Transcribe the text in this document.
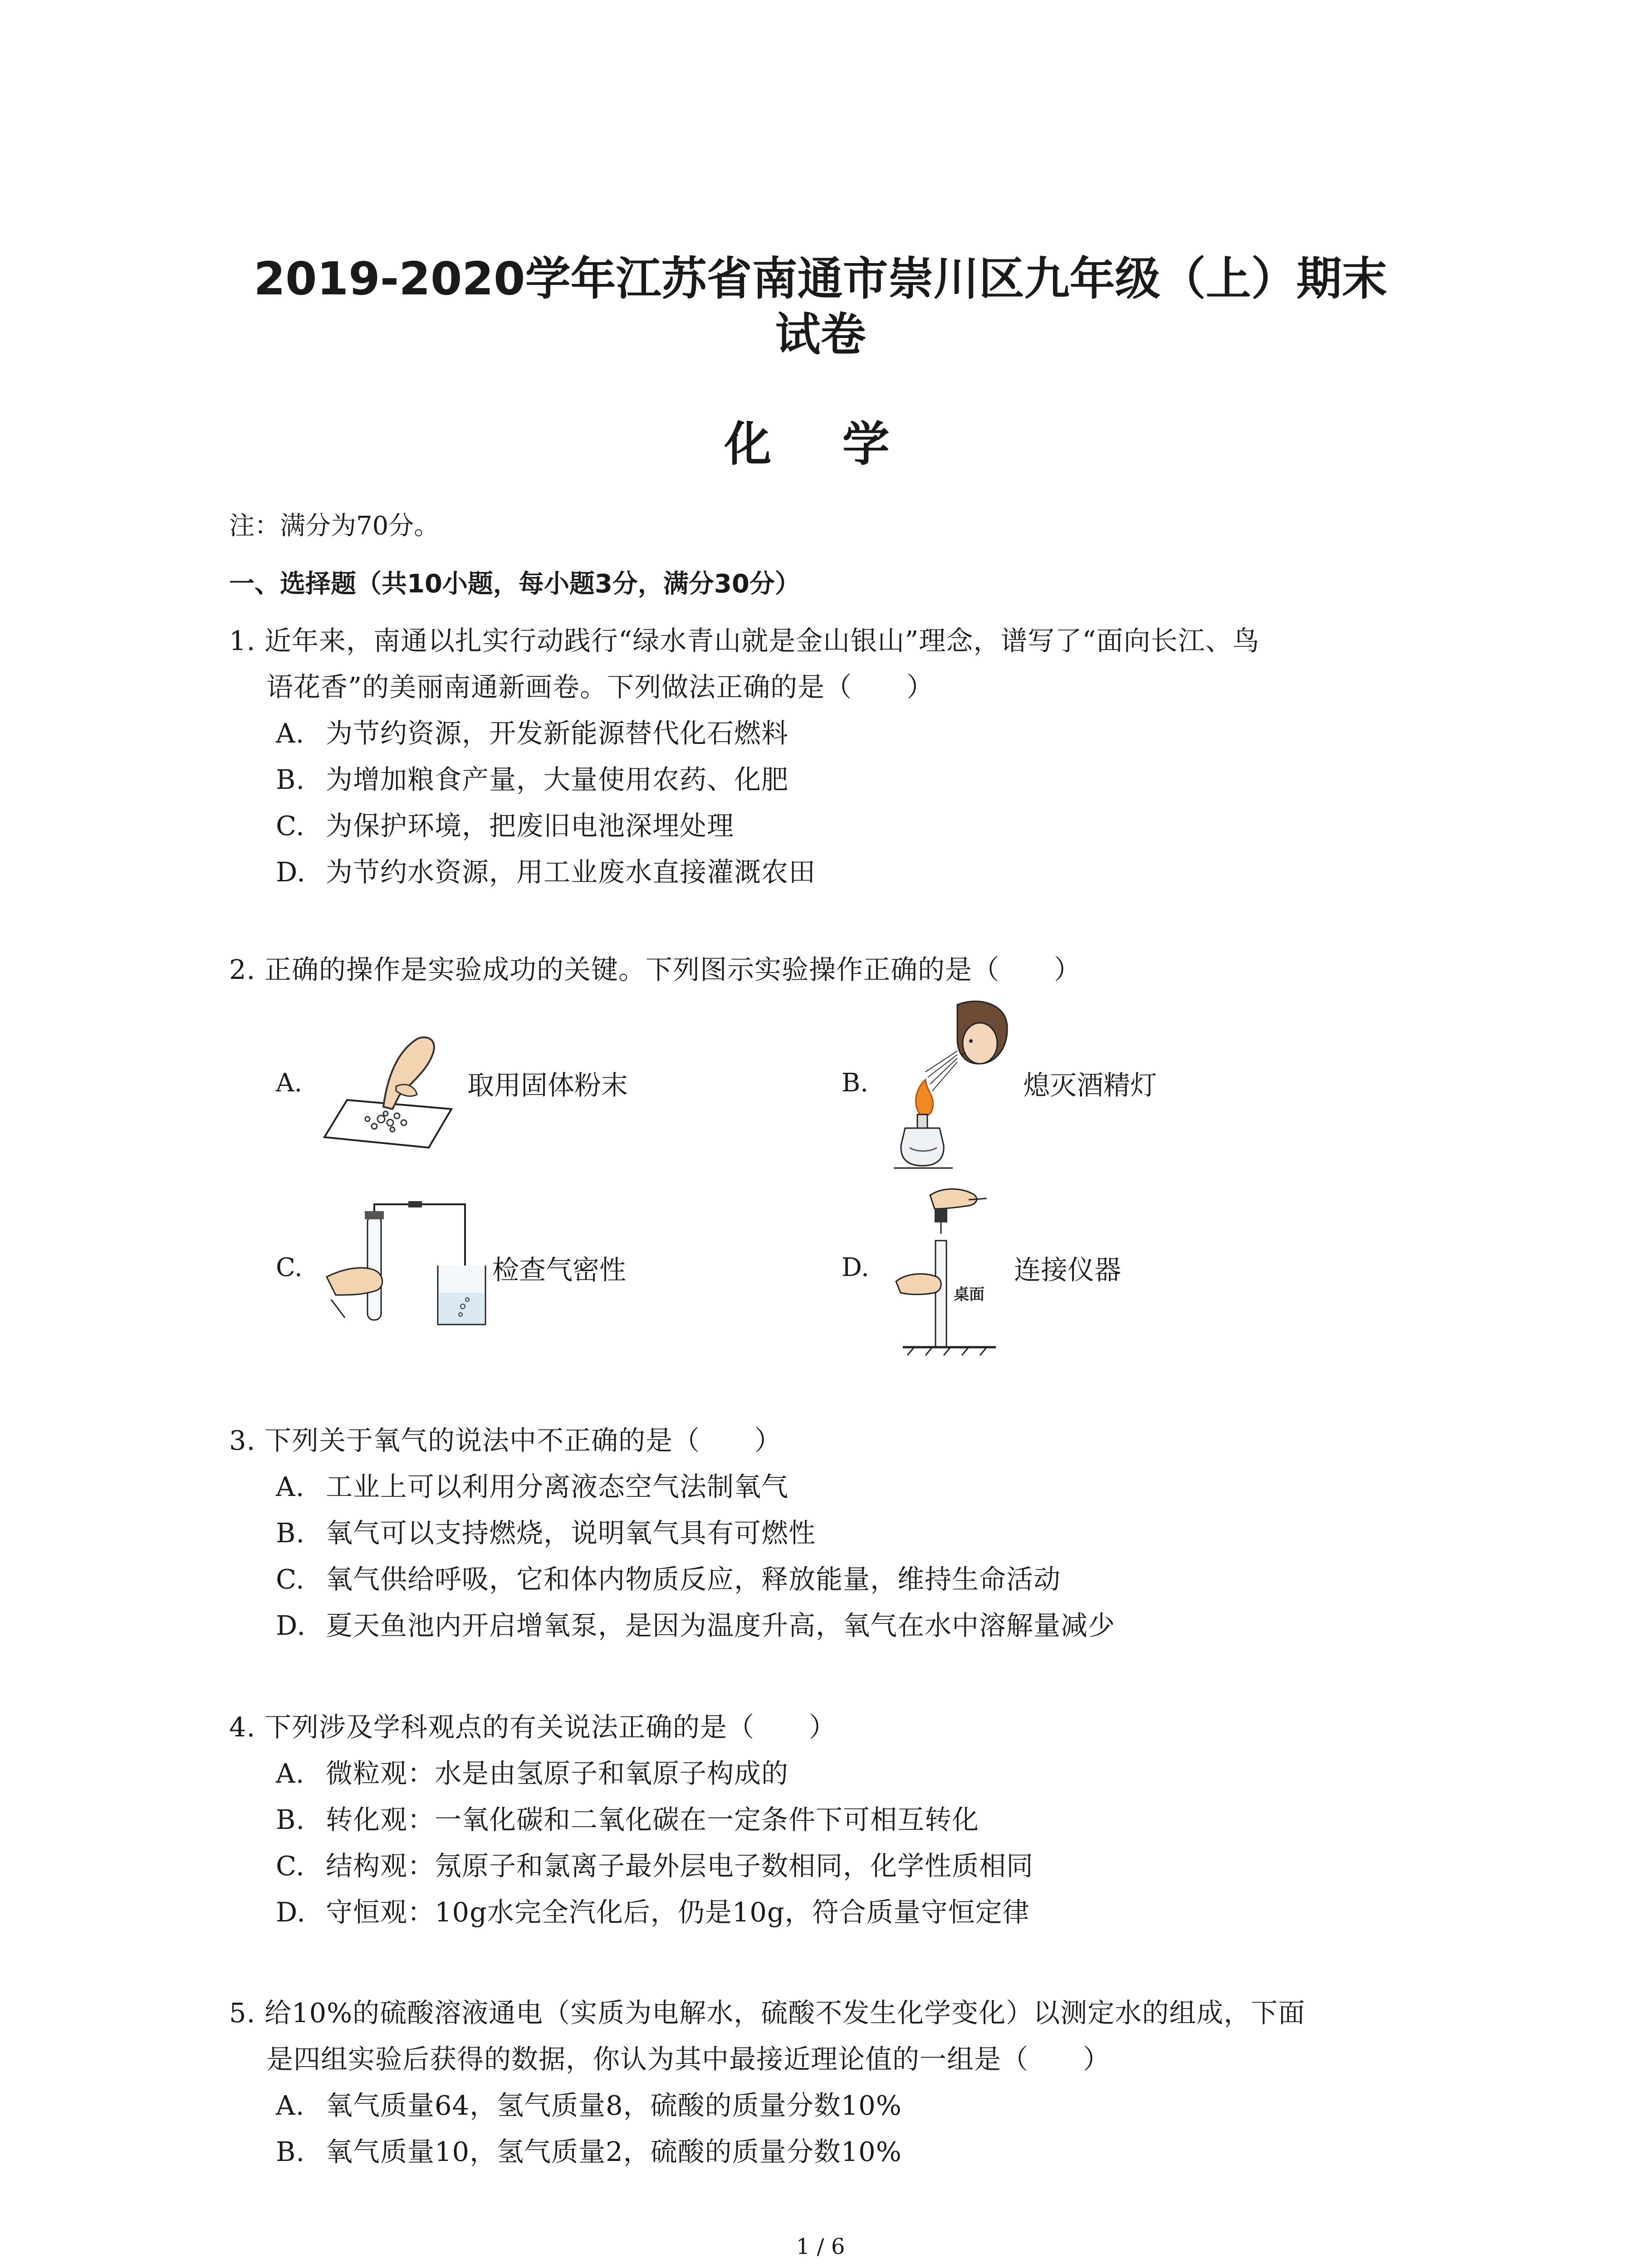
2019-2020学年江苏省南通市崇川区九年级（上）期末
试卷
化 学
注：满分为70分。
一、选择题（共10小题，每小题3分，满分30分）
1. 近年来，南通以扎实行动践行“绿水青山就是金山银山”理念，谱写了“面向长江、鸟
语花香”的美丽南通新画卷。下列做法正确的是（　　）
A. 为节约资源，开发新能源替代化石燃料
B. 为增加粮食产量，大量使用农药、化肥
C. 为保护环境，把废旧电池深埋处理
D. 为节约水资源，用工业废水直接灌溉农田
2. 正确的操作是实验成功的关键。下列图示实验操作正确的是（　　）
A.	取用固体粉末	B.	熄灭酒精灯
C.	检查气密性	D.
桌面
连接仪器
3. 下列关于氧气的说法中不正确的是（　　）
A. 工业上可以利用分离液态空气法制氧气
B. 氧气可以支持燃烧，说明氧气具有可燃性
C. 氧气供给呼吸，它和体内物质反应，释放能量，维持生命活动
D. 夏天鱼池内开启增氧泵，是因为温度升高，氧气在水中溶解量减少
4. 下列涉及学科观点的有关说法正确的是（　　）
A. 微粒观：水是由氢原子和氧原子构成的
B. 转化观：一氧化碳和二氧化碳在一定条件下可相互转化
C. 结构观：氖原子和氯离子最外层电子数相同，化学性质相同
D. 守恒观：10g水完全汽化后，仍是10g，符合质量守恒定律
5. 给10%的硫酸溶液通电（实质为电解水，硫酸不发生化学变化）以测定水的组成，下面
是四组实验后获得的数据，你认为其中最接近理论值的一组是（　　）
A. 氧气质量64，氢气质量8，硫酸的质量分数10%
B. 氧气质量10，氢气质量2，硫酸的质量分数10%
1 / 6
